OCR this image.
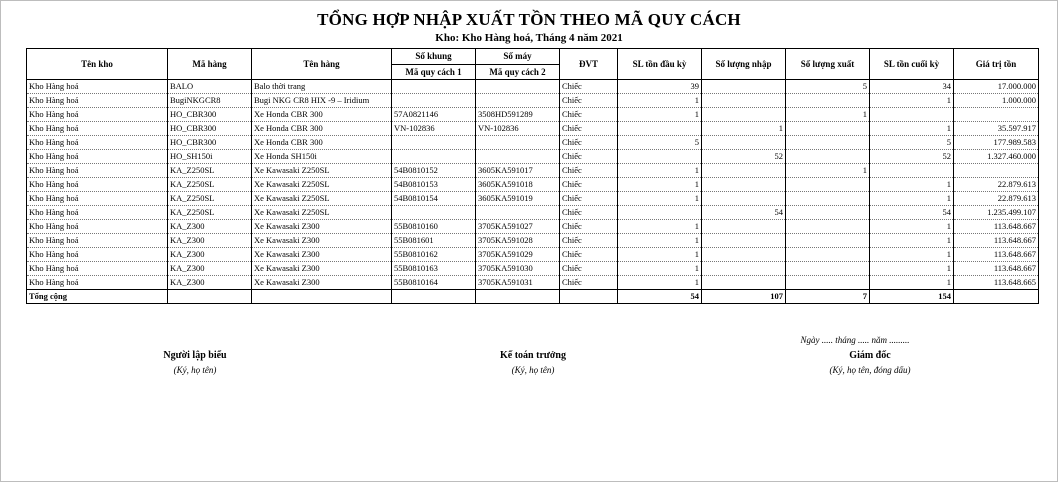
TỔNG HỢP NHẬP XUẤT TỒN THEO MÃ QUY CÁCH
Kho: Kho Hàng hoá, Tháng 4 năm 2021
Tên kho	Mã hàng	Tên hàng	Số khung	Số máy	ĐVT	SL tồn đầu kỳ	Số lượng nhập	Số lượng xuất	SL tồn cuối kỳ	Giá trị tồn
			Mã quy cách 1	Mã quy cách 2						
Kho Hàng hoá	BALO	Balo thời trang			Chiếc	39		5	34	17.000.000
Kho Hàng hoá	BugiNKGCR8	Bugi NKG CR8 HIX -9 – Iridium			Chiếc	1			1	1.000.000
Kho Hàng hoá	HO_CBR300	Xe Honda CBR 300	57A0821146	3508HD591289	Chiếc	1		1		
Kho Hàng hoá	HO_CBR300	Xe Honda CBR 300	VN-102836	VN-102836	Chiếc		1		1	35.597.917
Kho Hàng hoá	HO_CBR300	Xe Honda CBR 300			Chiếc	5			5	177.989.583
Kho Hàng hoá	HO_SH150i	Xe Honda SH150i			Chiếc		52		52	1.327.460.000
Kho Hàng hoá	KA_Z250SL	Xe Kawasaki Z250SL	54B0810152	3605KA591017	Chiếc	1		1		
Kho Hàng hoá	KA_Z250SL	Xe Kawasaki Z250SL	54B0810153	3605KA591018	Chiếc	1			1	22.879.613
Kho Hàng hoá	KA_Z250SL	Xe Kawasaki Z250SL	54B0810154	3605KA591019	Chiếc	1			1	22.879.613
Kho Hàng hoá	KA_Z250SL	Xe Kawasaki Z250SL			Chiếc		54		54	1.235.499.107
Kho Hàng hoá	KA_Z300	Xe Kawasaki Z300	55B0810160	3705KA591027	Chiếc	1			1	113.648.667
Kho Hàng hoá	KA_Z300	Xe Kawasaki Z300	55B081601	3705KA591028	Chiếc	1			1	113.648.667
Kho Hàng hoá	KA_Z300	Xe Kawasaki Z300	55B0810162	3705KA591029	Chiếc	1			1	113.648.667
Kho Hàng hoá	KA_Z300	Xe Kawasaki Z300	55B0810163	3705KA591030	Chiếc	1			1	113.648.667
Kho Hàng hoá	KA_Z300	Xe Kawasaki Z300	55B0810164	3705KA591031	Chiếc	1			1	113.648.665
Tổng cộng						54	107	7	154	
Ngày ..... tháng ..... năm .........
Người lập biểu
(Ký, họ tên)
Kế toán trưởng
(Ký, họ tên)
Giám đốc
(Ký, họ tên, đóng dấu)
